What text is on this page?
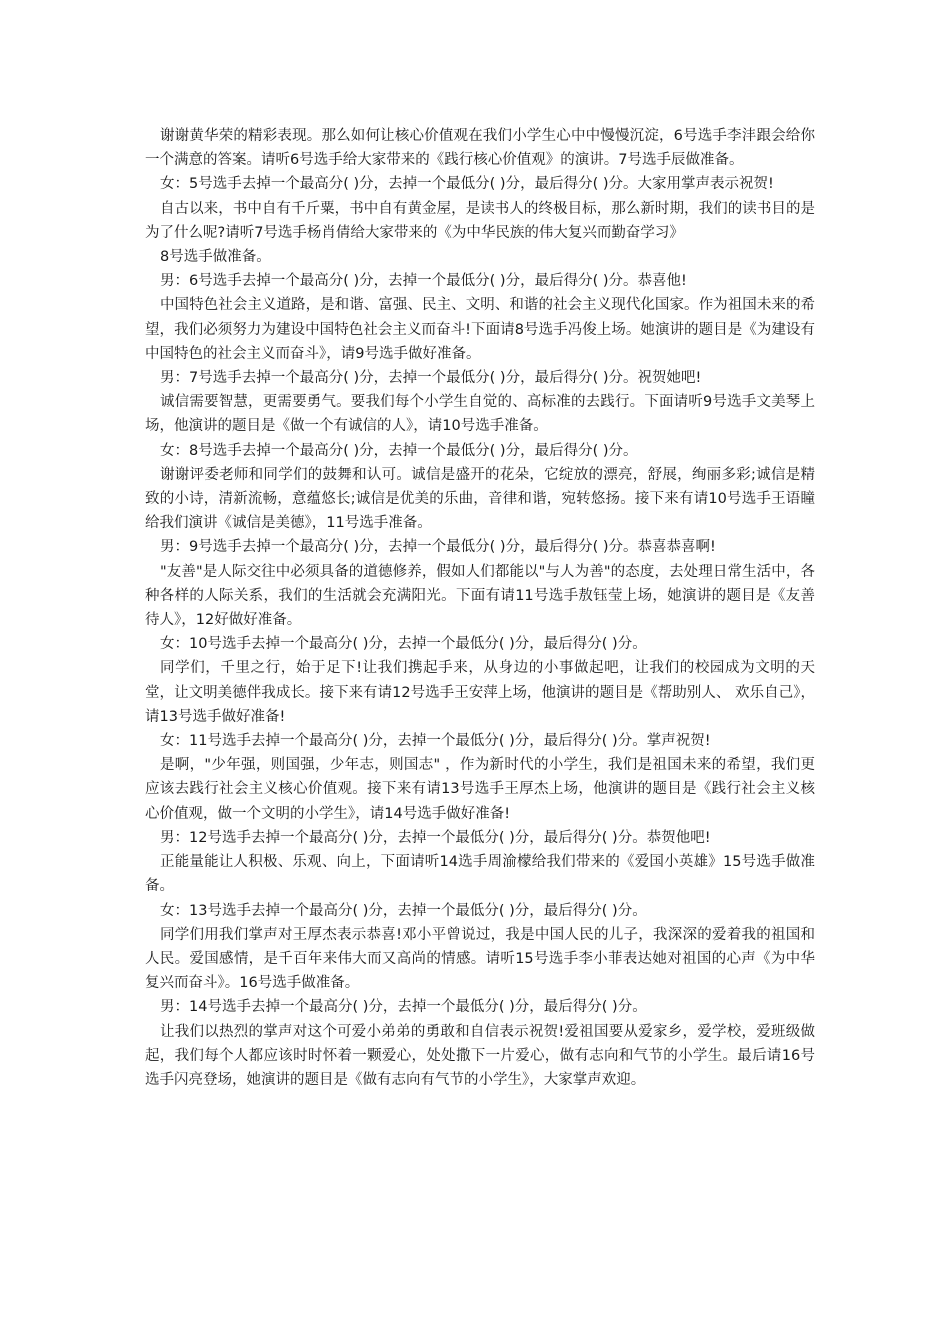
谢谢黄华荣的精彩表现。那么如何让核心价值观在我们小学生心中中慢慢沉淀，6号选手李沣跟会给你一个满意的答案。请听6号选手给大家带来的《践行核心价值观》的演讲。7号选手辰做准备。

女：5号选手去掉一个最高分( )分，去掉一个最低分( )分，最后得分( )分。大家用掌声表示祝贺!

自古以来，书中自有千斤粟，书中自有黄金屋，是读书人的终极目标，那么新时期，我们的读书目的是为了什么呢?请听7号选手杨肖倩给大家带来的《为中华民族的伟大复兴而勤奋学习》

8号选手做准备。

男：6号选手去掉一个最高分( )分，去掉一个最低分( )分，最后得分( )分。恭喜他!

中国特色社会主义道路，是和谐、富强、民主、文明、和谐的社会主义现代化国家。作为祖国未来的希望，我们必须努力为建设中国特色社会主义而奋斗!下面请8号选手冯俊上场。她演讲的题目是《为建设有中国特色的社会主义而奋斗》，请9号选手做好准备。

男：7号选手去掉一个最高分( )分，去掉一个最低分( )分，最后得分( )分。祝贺她吧!

诚信需要智慧，更需要勇气。要我们每个小学生自觉的、高标准的去践行。下面请听9号选手文美琴上场，他演讲的题目是《做一个有诚信的人》，请10号选手准备。

女：8号选手去掉一个最高分( )分，去掉一个最低分( )分，最后得分( )分。

谢谢评委老师和同学们的鼓舞和认可。诚信是盛开的花朵，它绽放的漂亮，舒展，绚丽多彩;诚信是精致的小诗，清新流畅，意蕴悠长;诚信是优美的乐曲，音律和谐，宛转悠扬。接下来有请10号选手王语瞳给我们演讲《诚信是美德》，11号选手准备。

男：9号选手去掉一个最高分( )分，去掉一个最低分( )分，最后得分( )分。恭喜恭喜啊!

"友善"是人际交往中必须具备的道德修养，假如人们都能以"与人为善"的态度，去处理日常生活中，各种各样的人际关系，我们的生活就会充满阳光。下面有请11号选手敖钰莹上场，她演讲的题目是《友善待人》，12好做好准备。

女：10号选手去掉一个最高分( )分，去掉一个最低分( )分，最后得分( )分。

同学们，千里之行，始于足下!让我们携起手来，从身边的小事做起吧，让我们的校园成为文明的天堂，让文明美德伴我成长。接下来有请12号选手王安萍上场，他演讲的题目是《帮助别人、 欢乐自己》，请13号选手做好准备!

女：11号选手去掉一个最高分( )分，去掉一个最低分( )分，最后得分( )分。掌声祝贺!

是啊，"少年强，则国强，少年志，则国志" ，作为新时代的小学生，我们是祖国未来的希望，我们更应该去践行社会主义核心价值观。接下来有请13号选手王厚杰上场，他演讲的题目是《践行社会主义核心价值观，做一个文明的小学生》，请14号选手做好准备!

男：12号选手去掉一个最高分( )分，去掉一个最低分( )分，最后得分( )分。恭贺他吧!

正能量能让人积极、乐观、向上，下面请听14选手周渝檬给我们带来的《爱国小英雄》15号选手做准备。

女：13号选手去掉一个最高分( )分，去掉一个最低分( )分，最后得分( )分。

同学们用我们掌声对王厚杰表示恭喜!邓小平曾说过，我是中国人民的儿子，我深深的爱着我的祖国和人民。爱国感情，是千百年来伟大而又高尚的情感。请听15号选手李小菲表达她对祖国的心声《为中华复兴而奋斗》。16号选手做准备。

男：14号选手去掉一个最高分( )分，去掉一个最低分( )分，最后得分( )分。

让我们以热烈的掌声对这个可爱小弟弟的勇敢和自信表示祝贺!爱祖国要从爱家乡，爱学校，爱班级做起，我们每个人都应该时时怀着一颗爱心，处处撒下一片爱心，做有志向和气节的小学生。最后请16号选手闪亮登场，她演讲的题目是《做有志向有气节的小学生》，大家掌声欢迎。
